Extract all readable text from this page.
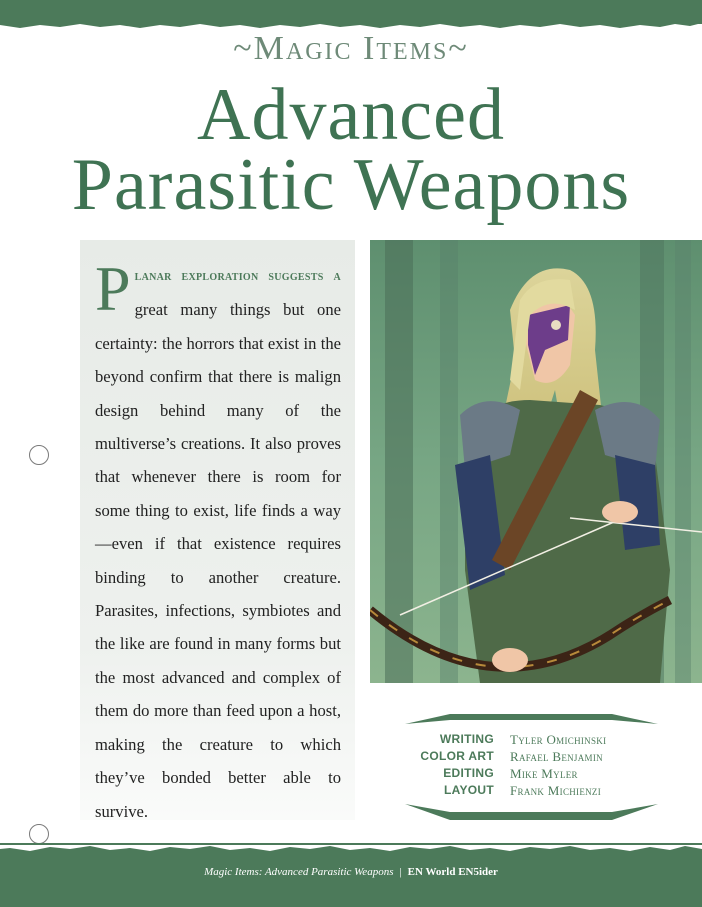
~Magic Items~
Advanced
Parasitic Weapons
Planar exploration suggests a great many things but one certainty: the horrors that exist in the beyond confirm that there is malign design behind many of the multiverse’s creations. It also proves that whenever there is room for some thing to exist, life finds a way—even if that existence requires binding to another creature. Parasites, infections, symbiotes and the like are found in many forms but the most advanced and complex of them do more than feed upon a host, making the creature to which they’ve bonded better able to survive.
WRITING Tyler Omichinski
COLOR ART Rafael Benjamin
EDITING Mike Myler
LAYOUT Frank Michienzi
Magic Items: Advanced Parasitic Weapons | EN World EN5ider
